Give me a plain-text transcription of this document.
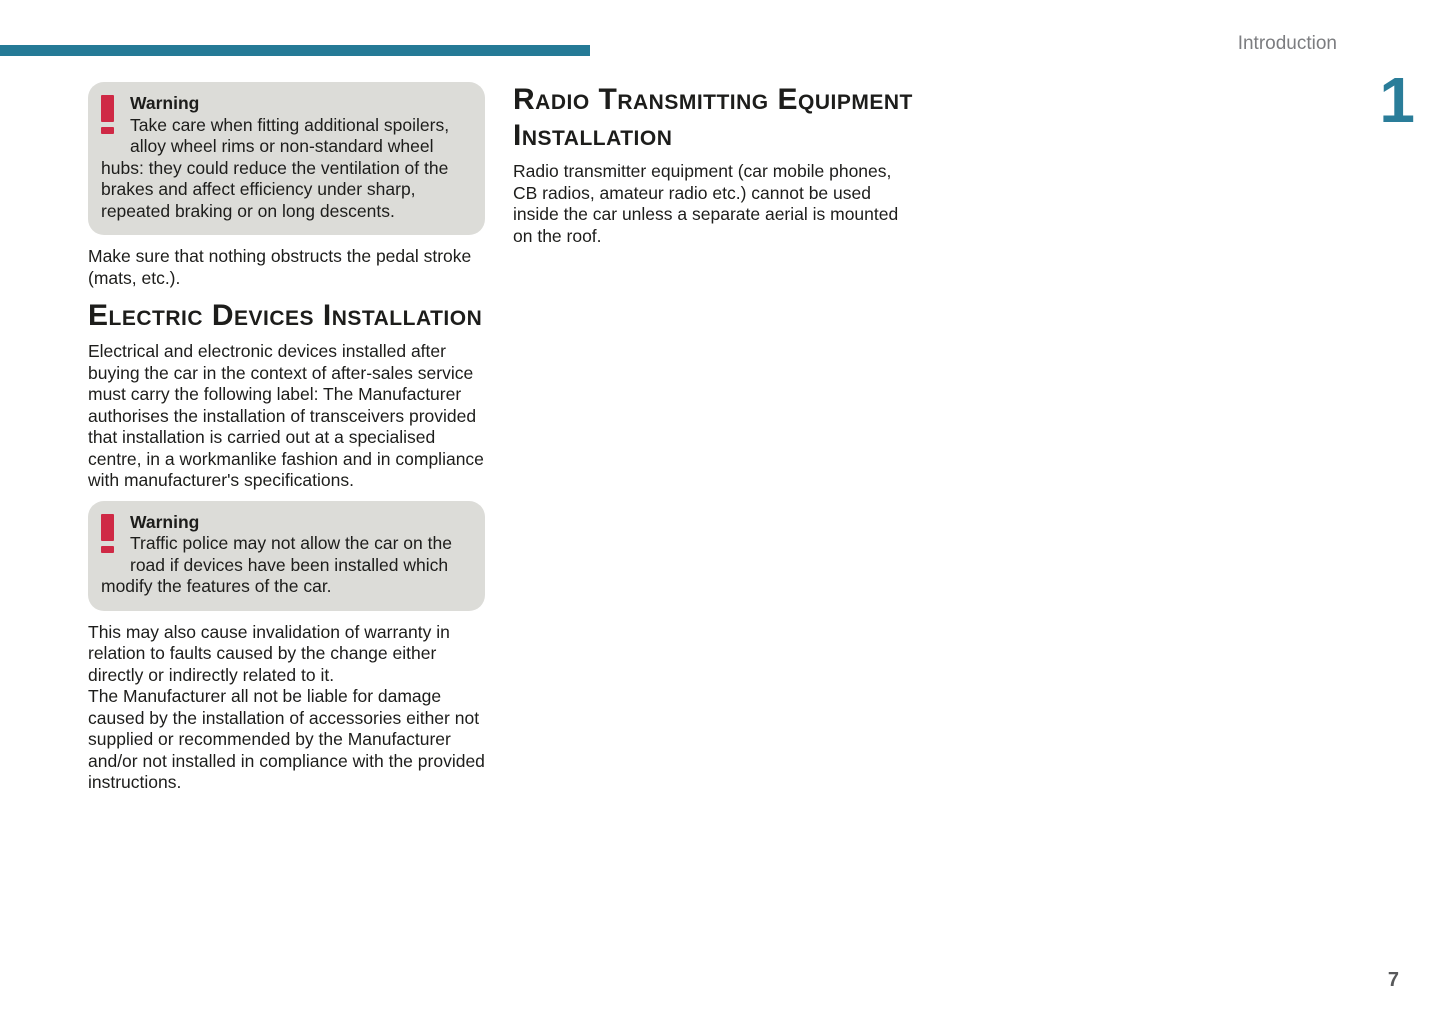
Introduction
1
Warning
Take care when fitting additional spoilers, alloy wheel rims or non-standard wheel hubs: they could reduce the ventilation of the brakes and affect efficiency under sharp, repeated braking or on long descents.

Make sure that nothing obstructs the pedal stroke (mats, etc.).

Electric Devices Installation

Electrical and electronic devices installed after buying the car in the context of after-sales service must carry the following label: The Manufacturer authorises the installation of transceivers provided that installation is carried out at a specialised centre, in a workmanlike fashion and in compliance with manufacturer's specifications.

Warning
Traffic police may not allow the car on the road if devices have been installed which modify the features of the car.

This may also cause invalidation of warranty in relation to faults caused by the change either directly or indirectly related to it.

The Manufacturer all not be liable for damage caused by the installation of accessories either not supplied or recommended by the Manufacturer and/or not installed in compliance with the provided instructions.

Radio Transmitting Equipment Installation

Radio transmitter equipment (car mobile phones, CB radios, amateur radio etc.) cannot be used inside the car unless a separate aerial is mounted on the roof.

7
